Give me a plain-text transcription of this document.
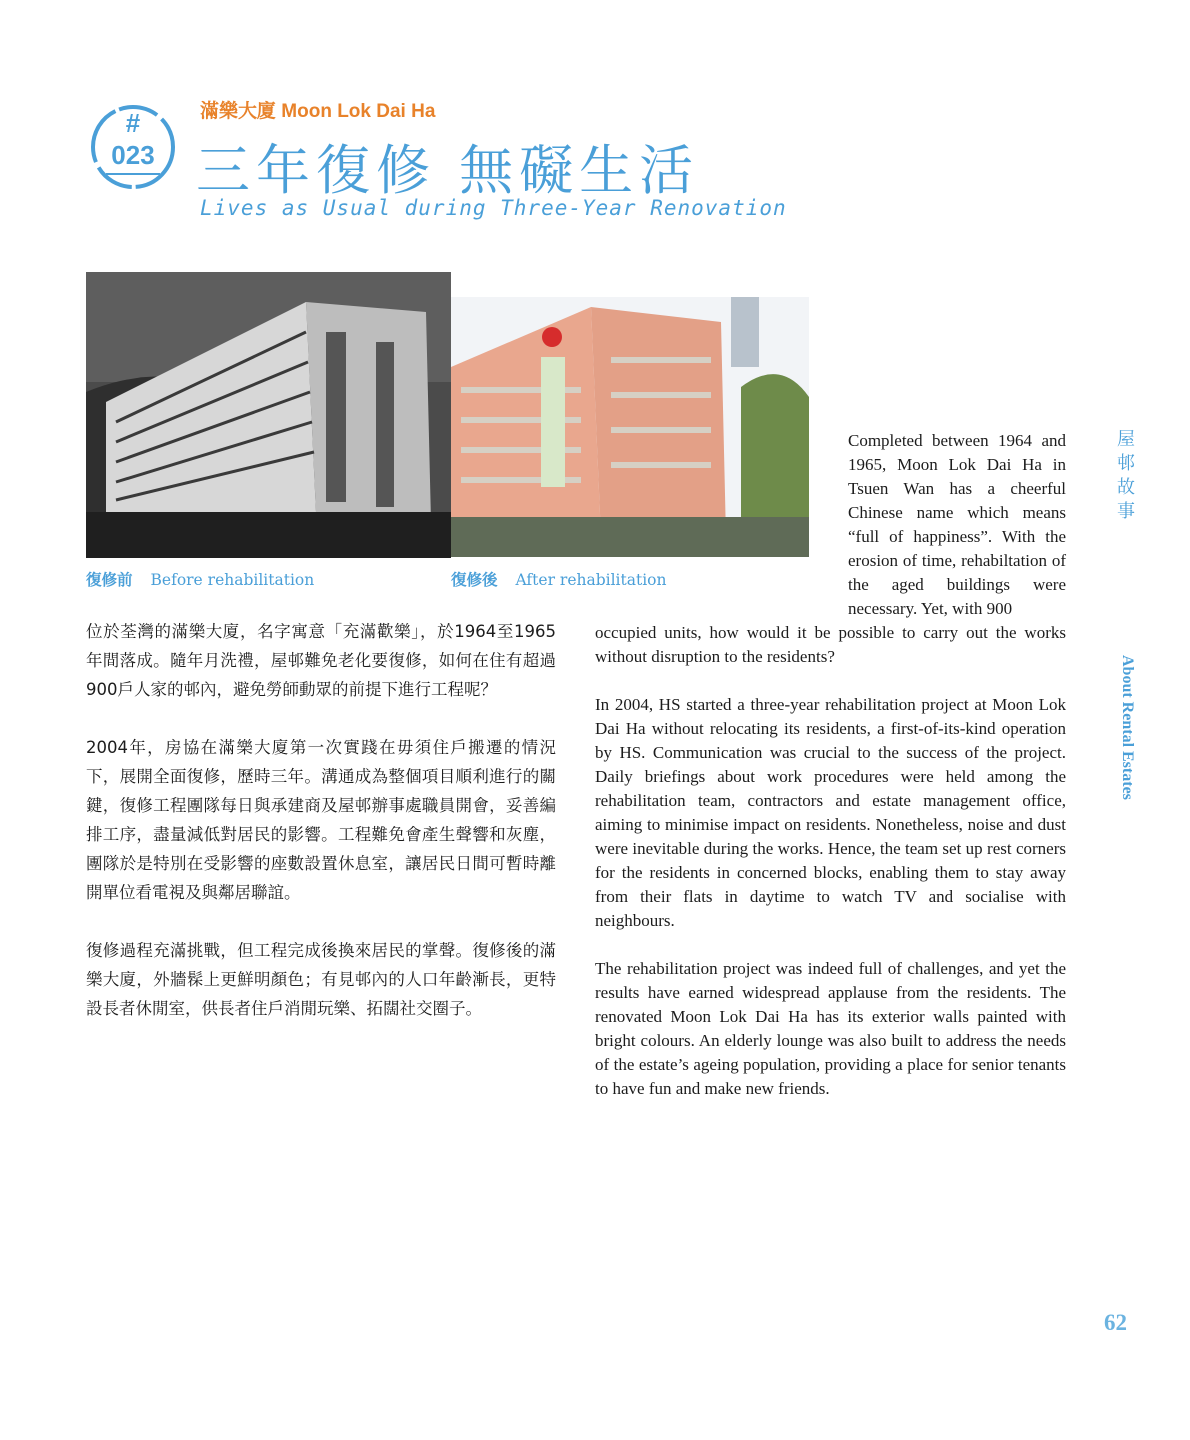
#
023
滿樂大廈 Moon Lok Dai Ha
三年復修 無礙生活
Lives as Usual during Three-Year Renovation
復修前 Before rehabilitation	復修後 After rehabilitation

Completed between 1964 and 1965, Moon Lok Dai Ha in Tsuen Wan has a cheerful Chinese name which means “full of happiness”. With the erosion of time, rehabiltation of the aged buildings were necessary. Yet, with 900

位於荃灣的滿樂大廈，名字寓意「充滿歡樂」，於1964至1965年間落成。隨年月洗禮，屋邨難免老化要復修，如何在住有超過900戶人家的邨內，避免勞師動眾的前提下進行工程呢？

2004年，房協在滿樂大廈第一次實踐在毋須住戶搬遷的情況下，展開全面復修，歷時三年。溝通成為整個項目順利進行的關鍵，復修工程團隊每日與承建商及屋邨辦事處職員開會，妥善編排工序，盡量減低對居民的影響。工程難免會產生聲響和灰塵，團隊於是特別在受影響的座數設置休息室，讓居民日間可暫時離開單位看電視及與鄰居聯誼。

復修過程充滿挑戰，但工程完成後換來居民的掌聲。復修後的滿樂大廈，外牆髹上更鮮明顏色；有見邨內的人口年齡漸長，更特設長者休閒室，供長者住戶消閒玩樂、拓闊社交圈子。

occupied units, how would it be possible to carry out the works without disruption to the residents?

In 2004, HS started a three-year rehabilitation project at Moon Lok Dai Ha without relocating its residents, a first-of-its-kind operation by HS. Communication was crucial to the success of the project. Daily briefings about work procedures were held among the rehabilitation team, contractors and estate management office, aiming to minimise impact on residents. Nonetheless, noise and dust were inevitable during the works. Hence, the team set up rest corners for the residents in concerned blocks, enabling them to stay away from their flats in daytime to watch TV and socialise with neighbours.

The rehabilitation project was indeed full of challenges, and yet the results have earned widespread applause from the residents. The renovated Moon Lok Dai Ha has its exterior walls painted with bright colours. An elderly lounge was also built to address the needs of the estate’s ageing population, providing a place for senior tenants to have fun and make new friends.

屋
邨
故
事
About Rental Estates
62
